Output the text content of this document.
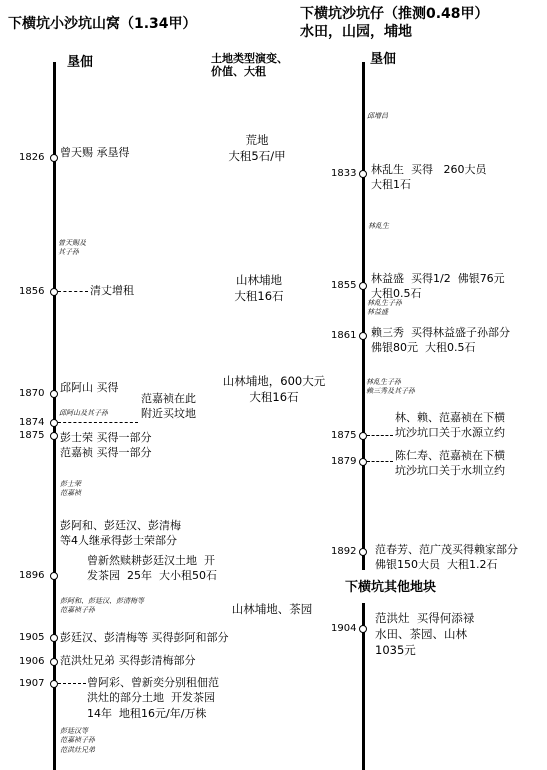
下横坑小沙坑山窝（1.34甲）
垦佃	土地类型演变、
价值、大租
1826 曾天赐 承垦得
曾天赐及
其子孙
1856	清丈增租
1870 邱阿山 买得
范嘉祯在此
附近买坟地
1874
邱阿山及其子孙
1875 彭士荣 买得一部分
范嘉祯 买得一部分
彭士荣
范嘉祯
彭阿和、彭廷汉、彭清梅
等4人继承得彭士荣部分
1896
曾新然赎耕彭廷汉土地  开
发茶园  25年  大小租50石
彭阿和、彭廷汉、彭清梅等
范嘉祯子孙
1905 彭廷汉、彭清梅等 买得彭阿和部分
1906 范洪灶兄弟 买得彭清梅部分
1907	曾阿彩、曾新奕分别租佃范
洪灶的部分土地  开发茶园
14年  地租16元/年/万株
彭廷汉等
范嘉祯子孙
范洪灶兄弟
荒地
大租5石/甲
山林埔地
大租16石
山林埔地，600大元
大租16石
山林埔地、茶园
下横坑沙坑仔（推测0.48甲）
水田，山园，埔地
垦佃
邱增昌
1833 林乱生  买得   260大员
大租1石
林乱生
1855
林益盛  买得1/2  佛银76元
大租0.5石
林乱生子孙
林益盛
1861 赖三秀  买得林益盛子孙部分
佛银80元  大租0.5石
林乱生子孙
赖三秀及其子孙
1875
林、赖、范嘉祯在下横
坑沙坑口关于水源立约
1879	陈仁寿、范嘉祯在下横
坑沙坑口关于水圳立约
1892 范春芳、范广茂买得赖家部分
佛银150大员  大租1.2石
下横坑其他地块
1904
范洪灶  买得何添禄
水田、茶园、山林
1035元
